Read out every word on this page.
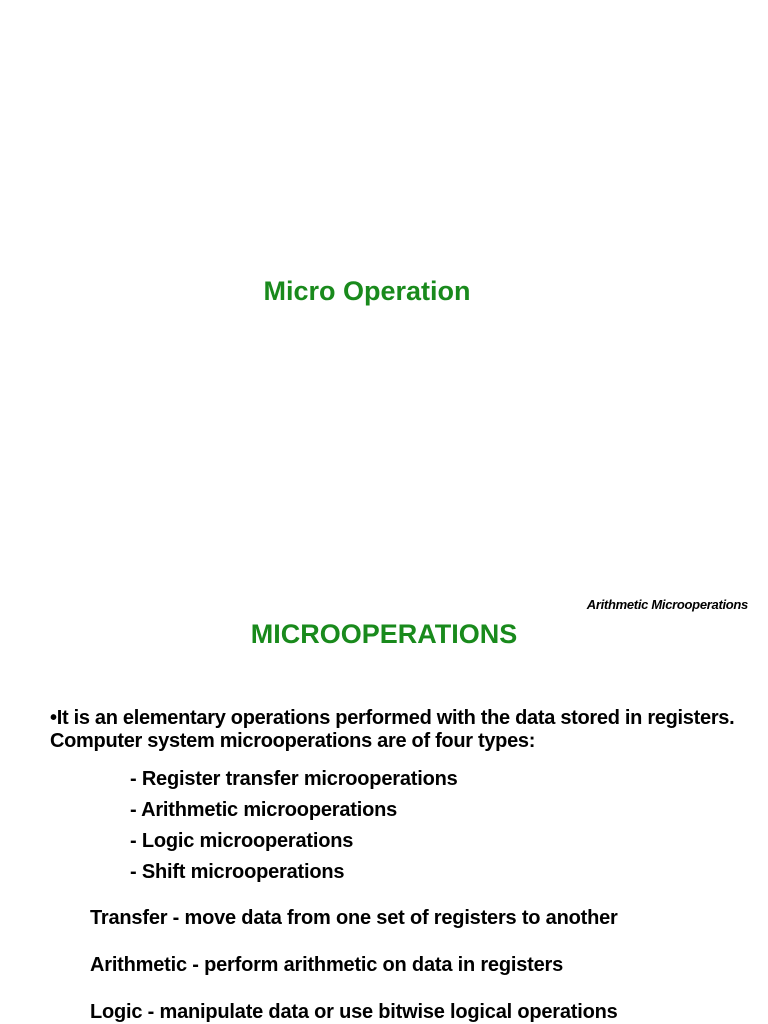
Micro Operation
Arithmetic Microoperations
MICROOPERATIONS
•It is an elementary operations performed with the data stored in registers. Computer system microoperations are of four types:
- Register transfer microoperations
- Arithmetic microoperations
- Logic microoperations
- Shift microoperations
Transfer - move data from one set of registers to another
Arithmetic - perform arithmetic on data in registers
Logic - manipulate data or use bitwise logical operations
